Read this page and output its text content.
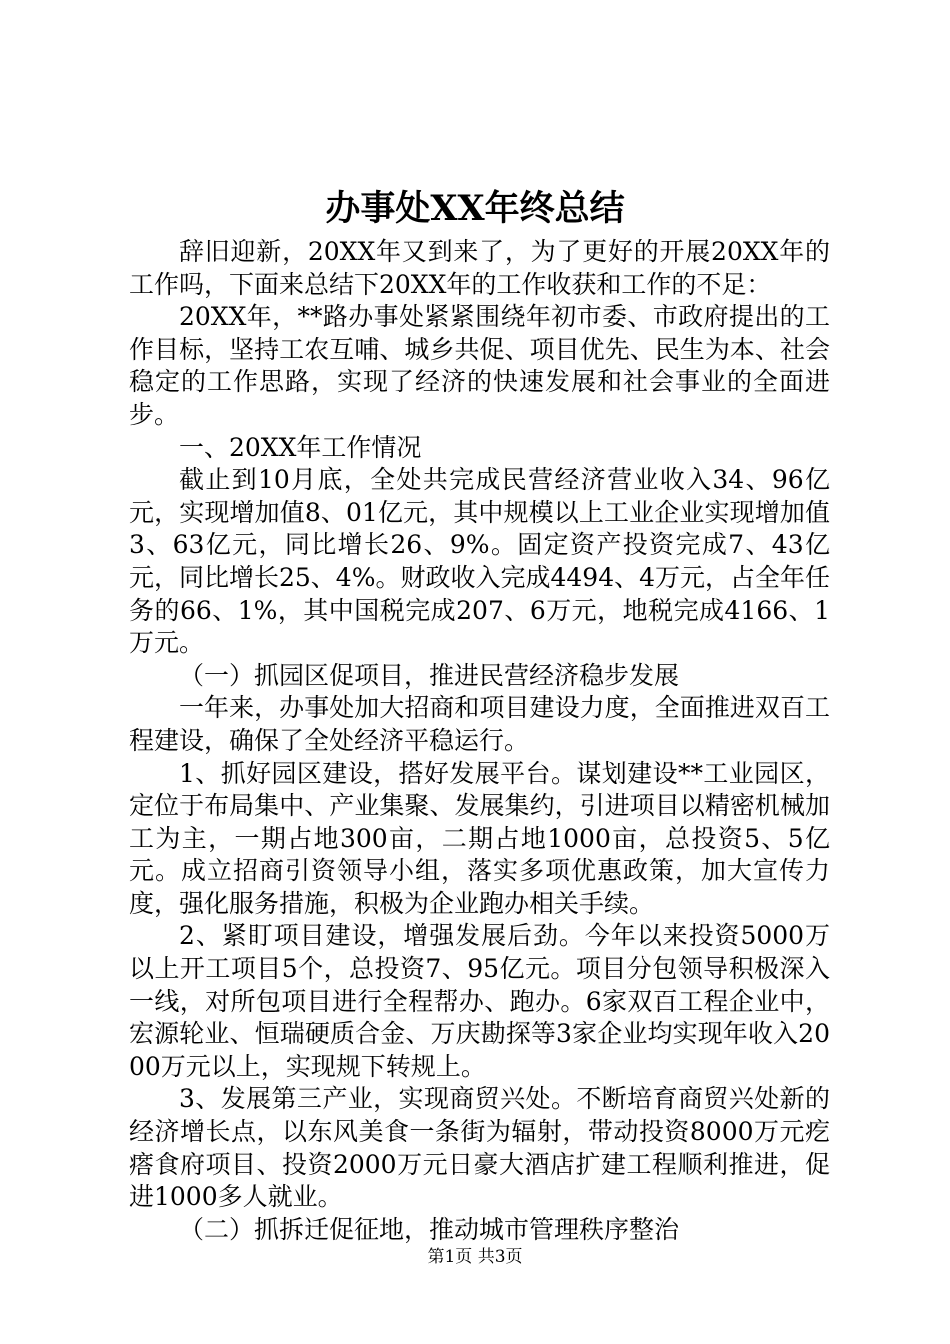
办事处XX年终总结

辞旧迎新，20XX年又到来了，为了更好的开展20XX年的工作吗，下面来总结下20XX年的工作收获和工作的不足：

20XX年，**路办事处紧紧围绕年初市委、市政府提出的工作目标，坚持工农互哺、城乡共促、项目优先、民生为本、社会稳定的工作思路，实现了经济的快速发展和社会事业的全面进步。

一、20XX年工作情况

截止到10月底，全处共完成民营经济营业收入34、96亿元，实现增加值8、01亿元，其中规模以上工业企业实现增加值3、63亿元，同比增长26、9%。固定资产投资完成7、43亿元，同比增长25、4%。财政收入完成4494、4万元，占全年任务的66、1%，其中国税完成207、6万元，地税完成4166、1万元。

（一）抓园区促项目，推进民营经济稳步发展

一年来，办事处加大招商和项目建设力度，全面推进双百工程建设，确保了全处经济平稳运行。

1、抓好园区建设，搭好发展平台。谋划建设**工业园区，定位于布局集中、产业集聚、发展集约，引进项目以精密机械加工为主，一期占地300亩，二期占地1000亩，总投资5、5亿元。成立招商引资领导小组，落实多项优惠政策，加大宣传力度，强化服务措施，积极为企业跑办相关手续。

2、紧盯项目建设，增强发展后劲。今年以来投资5000万以上开工项目5个，总投资7、95亿元。项目分包领导积极深入一线，对所包项目进行全程帮办、跑办。6家双百工程企业中，宏源轮业、恒瑞硬质合金、万庆勘探等3家企业均实现年收入2000万元以上，实现规下转规上。

3、发展第三产业，实现商贸兴处。不断培育商贸兴处新的经济增长点，以东风美食一条街为辐射，带动投资8000万元疙瘩食府项目、投资2000万元日豪大酒店扩建工程顺利推进，促进1000多人就业。

（二）抓拆迁促征地，推动城市管理秩序整治

第1页 共3页
